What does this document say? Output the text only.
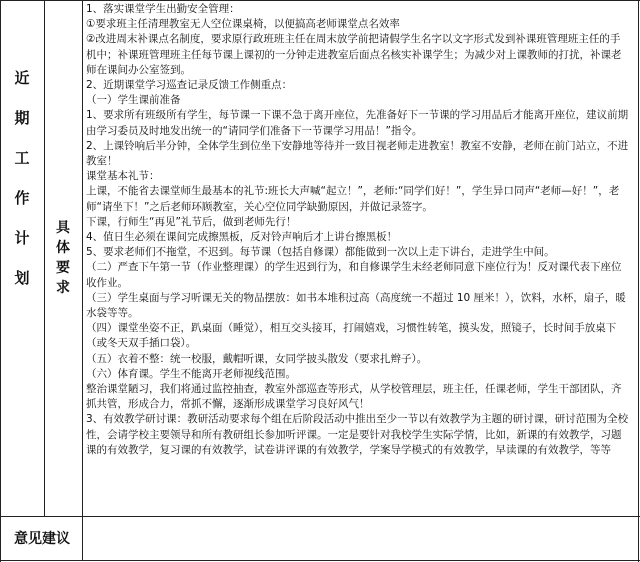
近
期
工
作
计
划
具
体
要
求

1、落实课堂学生出勤安全管理：

①要求班主任清理教室无人空位课桌椅，以便搞高老师课堂点名效率

②改进周末补课点名制度，要求原行政班班主任在周末放学前把请假学生名字以文字形式发到补课班管理班主任的手机中；补课班管理班主任每节课上课初的一分钟走进教室后面点名核实补课学生；为减少对上课教师的打扰，补课老师在课间办公室签到。

2、近期课堂学习巡查记录反馈工作侧重点：

（一）学生课前准备

1、要求所有班级所有学生，每节课一下课不急于离开座位，先准备好下一节课的学习用品后才能离开座位，建议前期由学习委员及时地发出统一的“请同学们准备下一节课学习用品！”指令。

2、上课铃响后半分钟，全体学生到位坐下安静地等待并一致目视老师走进教室！教室不安静，老师在前门站立，不进教室！

课堂基本礼节：

上课，不能省去课堂师生最基本的礼节:班长大声喊“起立！”，老师:“同学们好！”，学生异口同声“老师—好！”，老师“请坐下！”之后老师环顾教室，关心空位同学缺勤原因，并做记录签字。

下课，行师生“再见”礼节后，做到老师先行！

4、值日生必须在课间完成擦黑板，反对铃声响后才上讲台擦黑板！

5、要求老师们不拖堂，不迟到。每节课（包括自修课）都能做到一次以上走下讲台，走进学生中间。

（二）严查下午第一节（作业整理课）的学生迟到行为，和自修课学生未经老师同意下座位行为！反对课代表下座位收作业。

（三）学生桌面与学习听课无关的物品摆放：如书本堆积过高（高度统一不超过 10 厘米！），饮料，水杯，扇子，暖水袋等等。

（四）课堂坐姿不正，趴桌面（睡觉），相互交头接耳，打闹嬉戏，习惯性转笔，摸头发，照镜子，长时间手放桌下（或冬天双手插口袋）。

（五）衣着不整：统一校服，戴帽听课，女同学披头散发（要求扎辫子）。

（六）体育课。学生不能离开老师视线范围。

整治课堂陋习，我们将通过监控抽查，教室外部巡查等形式，从学校管理层，班主任，任课老师，学生干部团队，齐抓共管，形成合力，常抓不懈，逐渐形成课堂学习良好风气！

3、有效教学研讨课：教研活动要求每个组在后阶段活动中推出至少一节以有效教学为主题的研讨课，研讨范围为全校性，会请学校主要领导和所有教研组长参加听评课。一定是要针对我校学生实际学情，比如，新课的有效教学，习题课的有效教学，复习课的有效教学，试卷讲评课的有效教学，学案导学模式的有效教学，早读课的有效教学，等等

意见建议
